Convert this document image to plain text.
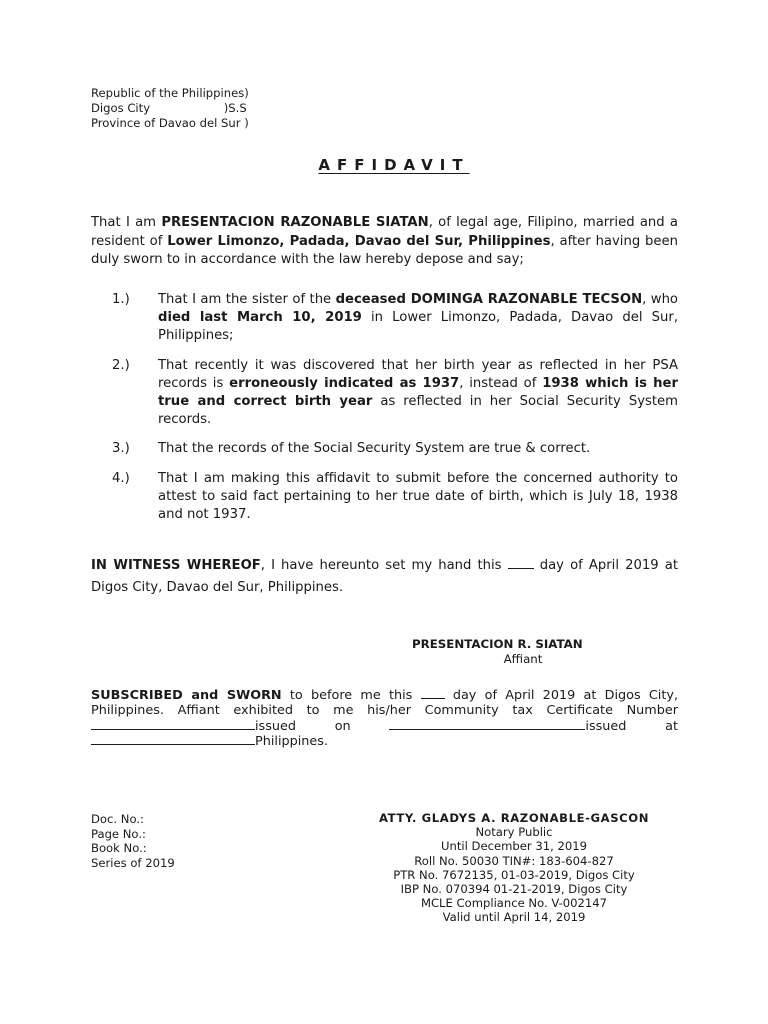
Republic of the Philippines)
Digos City                    )S.S
Province of Davao del Sur )
AFFIDAVIT
That I am PRESENTACION RAZONABLE SIATAN, of legal age, Filipino, married and a resident of Lower Limonzo, Padada, Davao del Sur, Philippines, after having been duly sworn to in accordance with the law hereby depose and say;
1.)	That I am the sister of the deceased DOMINGA RAZONABLE TECSON, who died last March 10, 2019 in Lower Limonzo, Padada, Davao del Sur, Philippines;
2.)	That recently it was discovered that her birth year as reflected in her PSA records is erroneously indicated as 1937, instead of 1938 which is her true and correct birth year as reflected in her Social Security System records.
3.)	That the records of the Social Security System are true & correct.
4.)	That I am making this affidavit to submit before the concerned authority to attest to said fact pertaining to her true date of birth, which is July 18, 1938 and not 1937.
IN WITNESS WHEREOF, I have hereunto set my hand this  day of April 2019 at Digos City, Davao del Sur, Philippines.
PRESENTACION R. SIATAN
Affiant
SUBSCRIBED and SWORN to before me this  day of April 2019 at Digos City, Philippines. Affiant exhibited to me his/her Community tax Certificate Number issued on	issued at Philippines.
Doc. No.:
Page No.:
Book No.:
Series of 2019
ATTY. GLADYS A. RAZONABLE-GASCON
Notary Public
Until December 31, 2019
Roll No. 50030 TIN#: 183-604-827
PTR No. 7672135, 01-03-2019, Digos City
IBP No. 070394 01-21-2019, Digos City
MCLE Compliance No. V-002147
Valid until April 14, 2019
